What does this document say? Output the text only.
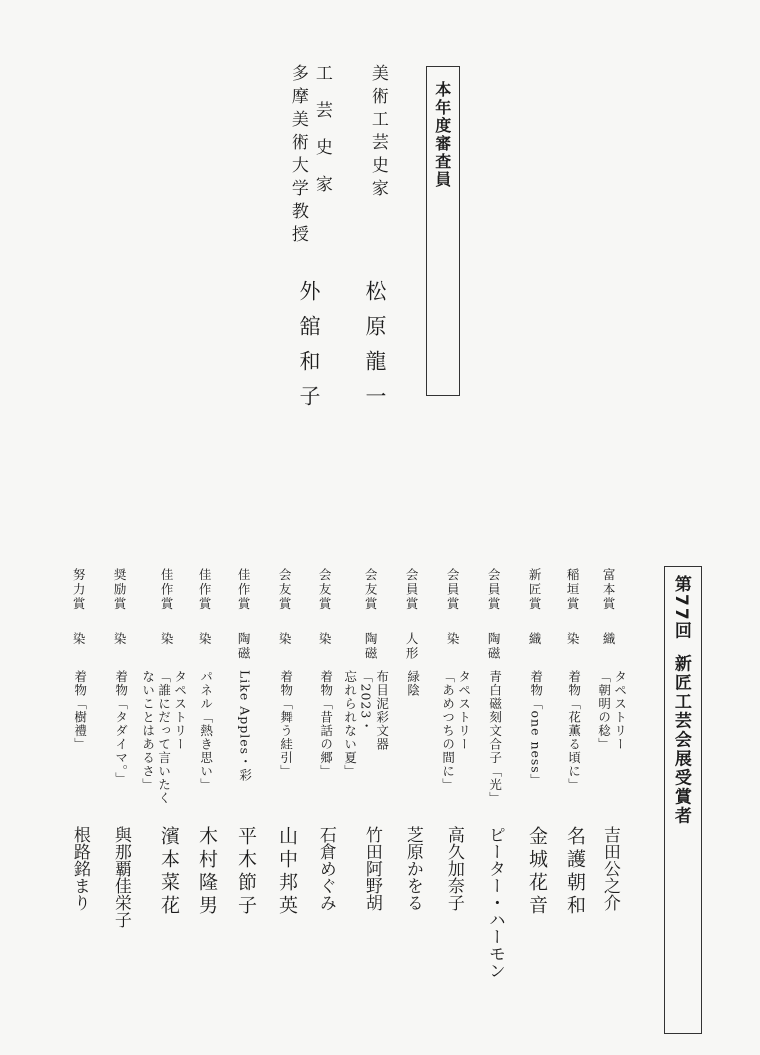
本年度審査員
美術工芸史家
松原龍一
工芸史家
多摩美術大学教授
外舘和子
第77回新匠工芸会展受賞者
富本賞
織
タペストリー
「朝明の稔」
吉田公之介
稲垣賞
染
着物「花薫る頃に」
名護朝和
新匠賞
織
着物「one ness」
金城花音
会員賞
陶磁
青白磁刻文合子「光」
ピーター・ハーモン
会員賞
染
タペストリー
「あめつちの間に」
高久加奈子
会員賞
人形
緑陰
芝原かをる
会友賞
陶磁
布目泥彩文器
「2023・
忘れられない夏」
竹田阿野胡
会友賞
染
着物「昔話の郷」
石倉めぐみ
会友賞
染
着物「舞う絓引」
山中邦英
佳作賞
陶磁
Like Apples・彩
平木節子
佳作賞
染
パネル「熱き思い」
木村隆男
佳作賞
染
タペストリー
「誰にだって言いたく
ないことはあるさ」
濱本菜花
奨励賞
染
着物「タダイマ。」
與那覇佳栄子
努力賞
染
着物「樹禮」
根路銘まり
